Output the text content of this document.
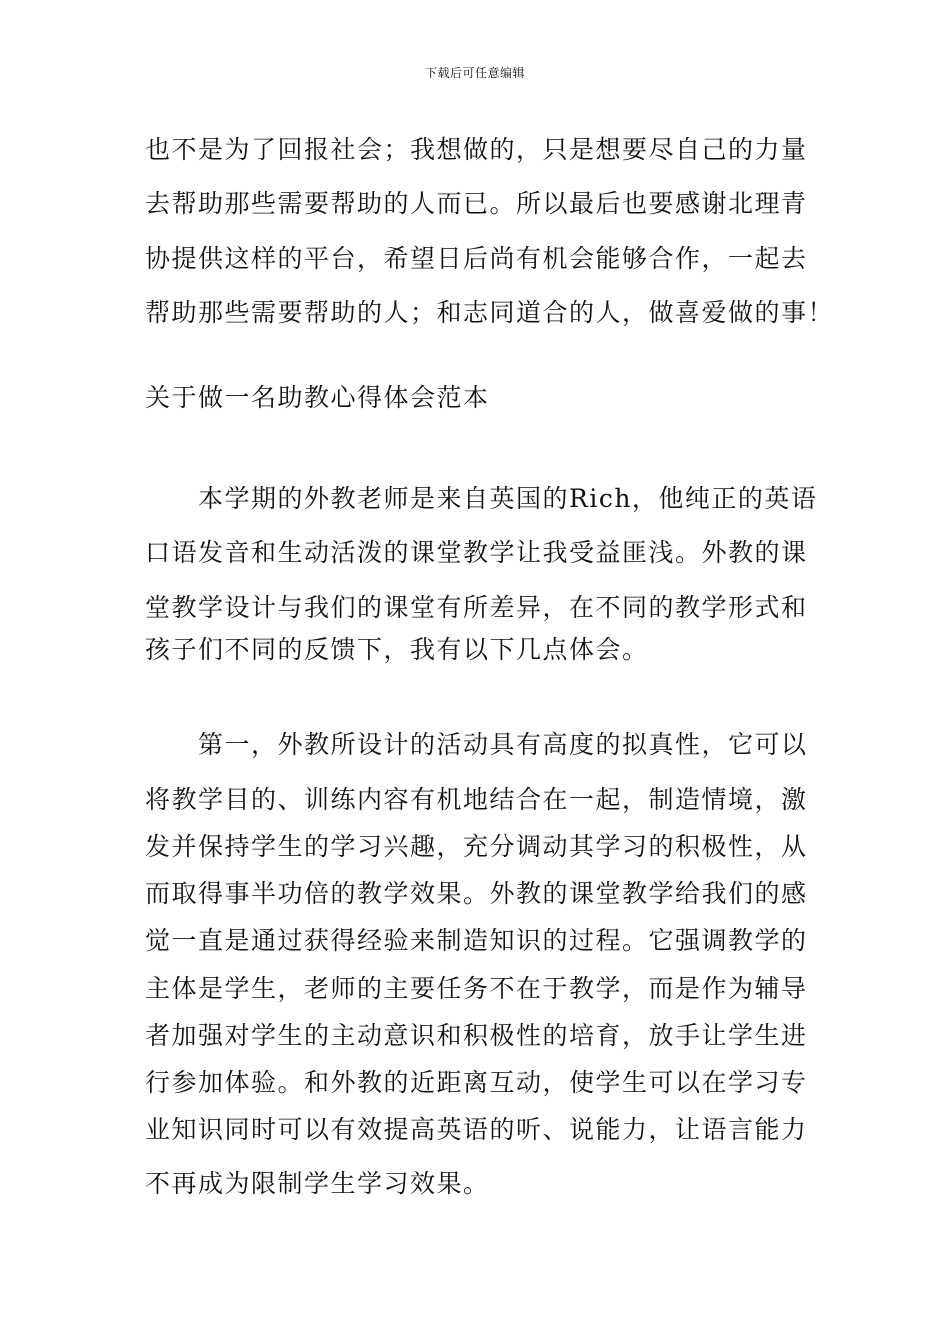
下载后可任意编辑
也不是为了回报社会；我想做的，只是想要尽自己的力量
去帮助那些需要帮助的人而已。所以最后也要感谢北理青
协提供这样的平台，希望日后尚有机会能够合作，一起去
帮助那些需要帮助的人；和志同道合的人，做喜爱做的事！
关于做一名助教心得体会范本
本学期的外教老师是来自英国的Rich，他纯正的英语
口语发音和生动活泼的课堂教学让我受益匪浅。外教的课
堂教学设计与我们的课堂有所差异，在不同的教学形式和
孩子们不同的反馈下，我有以下几点体会。
第一，外教所设计的活动具有高度的拟真性，它可以
将教学目的、训练内容有机地结合在一起，制造情境，激
发并保持学生的学习兴趣，充分调动其学习的积极性，从
而取得事半功倍的教学效果。外教的课堂教学给我们的感
觉一直是通过获得经验来制造知识的过程。它强调教学的
主体是学生，老师的主要任务不在于教学，而是作为辅导
者加强对学生的主动意识和积极性的培育，放手让学生进
行参加体验。和外教的近距离互动，使学生可以在学习专
业知识同时可以有效提高英语的听、说能力，让语言能力
不再成为限制学生学习效果。
